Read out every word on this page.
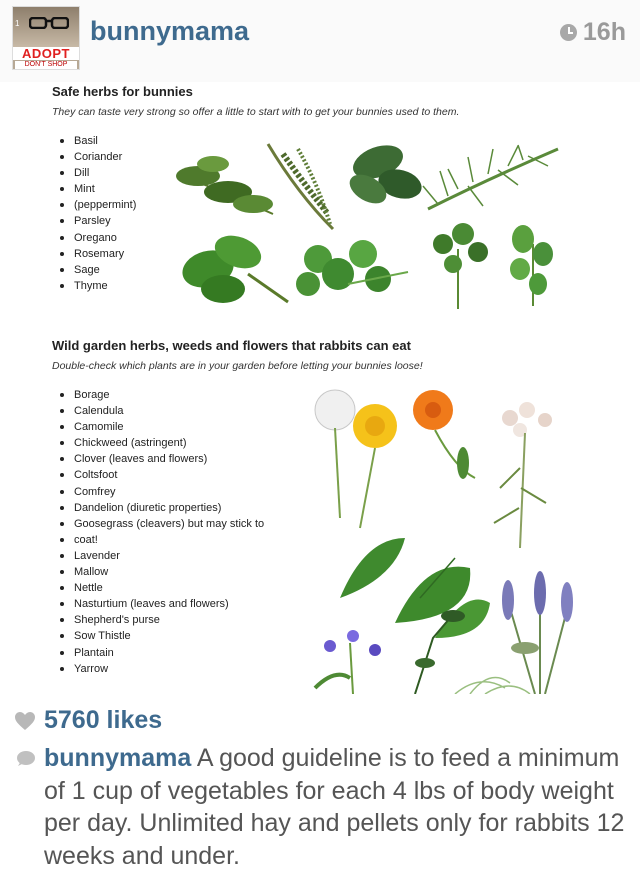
1
ADOPT
DON'T SHOP
bunnymama	16h
Safe herbs for bunnies
They can taste very strong so offer a little to start with to get your bunnies used to them.
Basil
Coriander
Dill
Mint
(peppermint)
Parsley
Oregano
Rosemary
Sage
Thyme
Wild garden herbs, weeds and flowers that rabbits can eat
Double-check which plants are in your garden before letting your bunnies loose!
Borage
Calendula
Camomile
Chickweed (astringent)
Clover (leaves and flowers)
Coltsfoot
Comfrey
Dandelion (diuretic properties)
Goosegrass (cleavers) but may stick to
coat!
Lavender
Mallow
Nettle
Nasturtium (leaves and flowers)
Shepherd's purse
Sow Thistle
Plantain
Yarrow
5760 likes
bunnymama A good guideline is to feed a minimum of 1 cup of vegetables for each 4 lbs of body weight per day. Unlimited hay and pellets only for rabbits 12 weeks and under.
